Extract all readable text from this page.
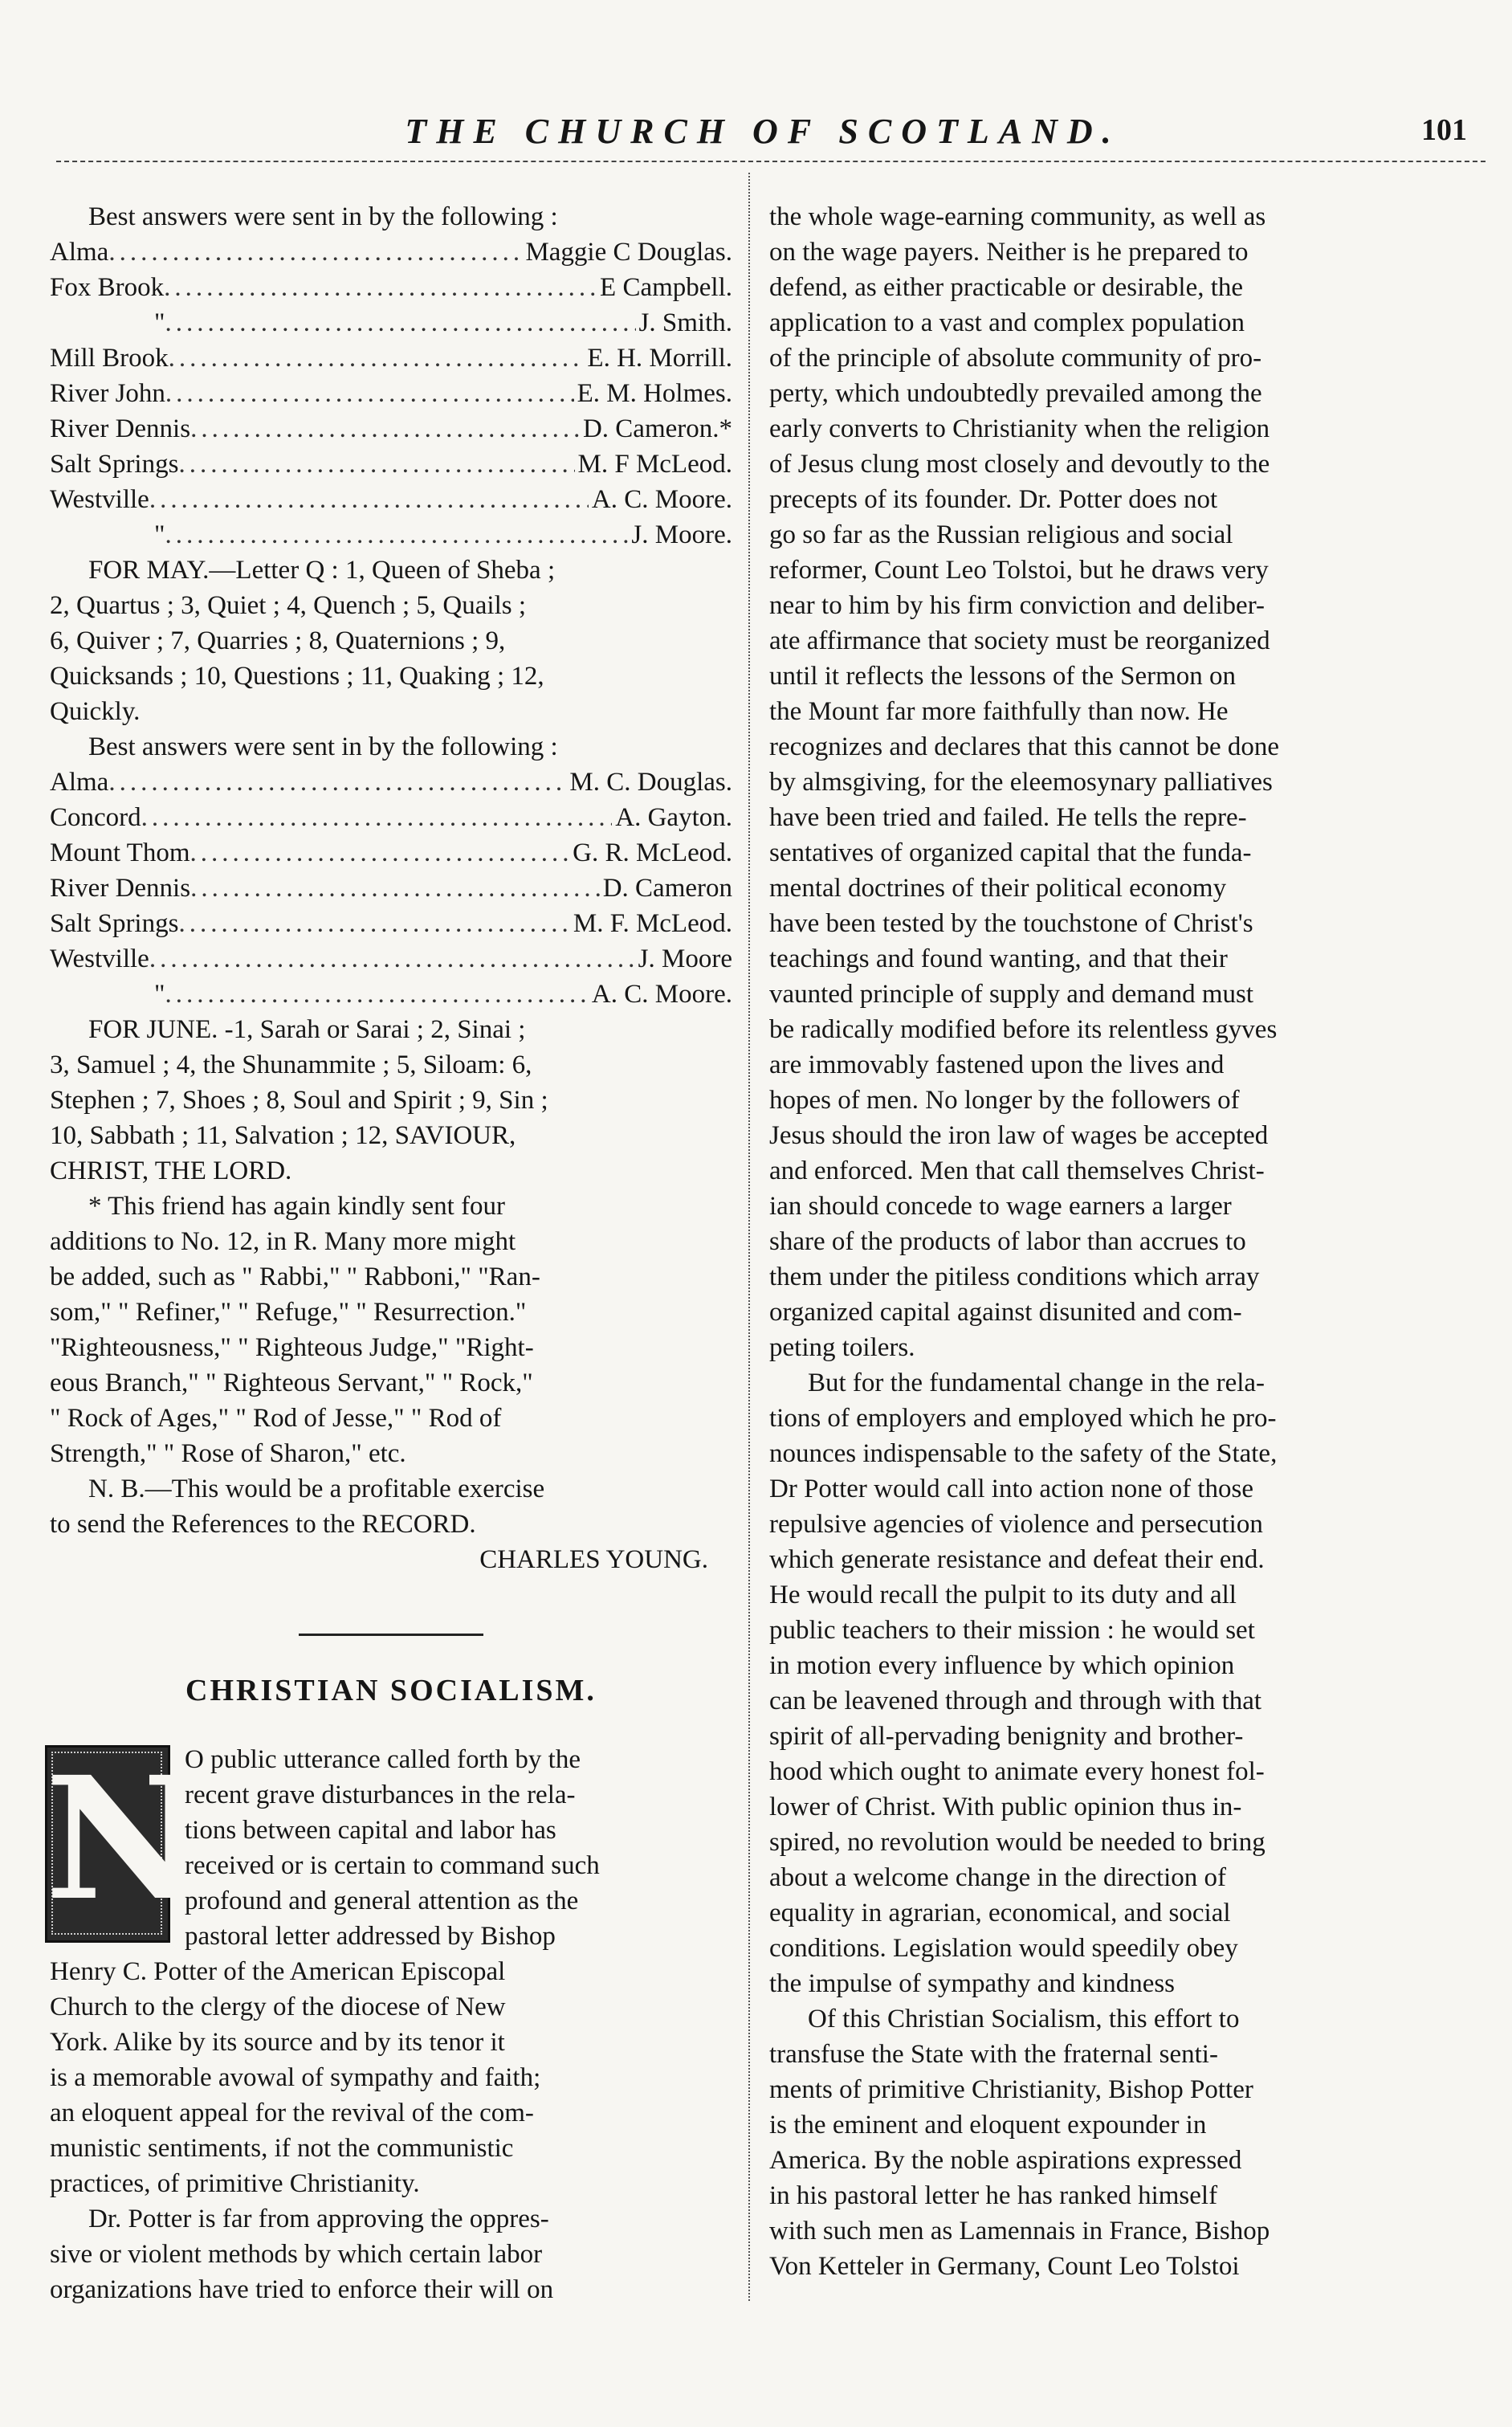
THE CHURCH OF SCOTLAND.	101

Best answers were sent in by the following :

Alma .....	Maggie C Douglas.
Fox Brook .....	E Campbell.
" .....	J. Smith.
Mill Brook .....	E. H. Morrill.
River John .....	E. M. Holmes.
River Dennis .....	D. Cameron.*
Salt Springs .....	M. F McLeod.
Westville .....	A. C. Moore.
" .....	J. Moore.

FOR MAY.—Letter Q : 1, Queen of Sheba ;

2, Quartus ; 3, Quiet ; 4, Quench ; 5, Quails ;

6, Quiver ; 7, Quarries ; 8, Quaternions ; 9,

Quicksands ; 10, Questions ; 11, Quaking ; 12,

Quickly.

Best answers were sent in by the following :

Alma .....	M. C. Douglas.
Concord .....	A. Gayton.
Mount Thom .....	G. R. McLeod.
River Dennis .....	D. Cameron
Salt Springs .....	M. F. McLeod.
Westville .....	J. Moore
" .....	A. C. Moore.

FOR JUNE. -1, Sarah or Sarai ; 2, Sinai ;

3, Samuel ; 4, the Shunammite ; 5, Siloam: 6,

Stephen ; 7, Shoes ; 8, Soul and Spirit ; 9, Sin ;

10, Sabbath ; 11, Salvation ; 12, SAVIOUR,

CHRIST, THE LORD.

* This friend has again kindly sent four

additions to No. 12, in R. Many more might

be added, such as " Rabbi," " Rabboni," "Ran-

som," " Refiner," " Refuge," " Resurrection."

"Righteousness," " Righteous Judge," "Right-

eous Branch," " Righteous Servant," " Rock,"

" Rock of Ages," " Rod of Jesse," " Rod of

Strength," " Rose of Sharon," etc.

N. B.—This would be a profitable exercise

to send the References to the RECORD.

CHARLES YOUNG.

CHRISTIAN SOCIALISM.
N

O public utterance called forth by the

recent grave disturbances in the rela-

tions between capital and labor has

received or is certain to command such

profound and general attention as the

pastoral letter addressed by Bishop

Henry C. Potter of the American Episcopal

Church to the clergy of the diocese of New

York. Alike by its source and by its tenor it

is a memorable avowal of sympathy and faith;

an eloquent appeal for the revival of the com-

munistic sentiments, if not the communistic

practices, of primitive Christianity.

Dr. Potter is far from approving the oppres-

sive or violent methods by which certain labor

organizations have tried to enforce their will on

the whole wage-earning community, as well as

on the wage payers. Neither is he prepared to

defend, as either practicable or desirable, the

application to a vast and complex population

of the principle of absolute community of pro-

perty, which undoubtedly prevailed among the

early converts to Christianity when the religion

of Jesus clung most closely and devoutly to the

precepts of its founder. Dr. Potter does not

go so far as the Russian religious and social

reformer, Count Leo Tolstoi, but he draws very

near to him by his firm conviction and deliber-

ate affirmance that society must be reorganized

until it reflects the lessons of the Sermon on

the Mount far more faithfully than now. He

recognizes and declares that this cannot be done

by almsgiving, for the eleemosynary palliatives

have been tried and failed. He tells the repre-

sentatives of organized capital that the funda-

mental doctrines of their political economy

have been tested by the touchstone of Christ's

teachings and found wanting, and that their

vaunted principle of supply and demand must

be radically modified before its relentless gyves

are immovably fastened upon the lives and

hopes of men. No longer by the followers of

Jesus should the iron law of wages be accepted

and enforced. Men that call themselves Christ-

ian should concede to wage earners a larger

share of the products of labor than accrues to

them under the pitiless conditions which array

organized capital against disunited and com-

peting toilers.

But for the fundamental change in the rela-

tions of employers and employed which he pro-

nounces indispensable to the safety of the State,

Dr Potter would call into action none of those

repulsive agencies of violence and persecution

which generate resistance and defeat their end.

He would recall the pulpit to its duty and all

public teachers to their mission : he would set

in motion every influence by which opinion

can be leavened through and through with that

spirit of all-pervading benignity and brother-

hood which ought to animate every honest fol-

lower of Christ. With public opinion thus in-

spired, no revolution would be needed to bring

about a welcome change in the direction of

equality in agrarian, economical, and social

conditions. Legislation would speedily obey

the impulse of sympathy and kindness

Of this Christian Socialism, this effort to

transfuse the State with the fraternal senti-

ments of primitive Christianity, Bishop Potter

is the eminent and eloquent expounder in

America. By the noble aspirations expressed

in his pastoral letter he has ranked himself

with such men as Lamennais in France, Bishop

Von Ketteler in Germany, Count Leo Tolstoi
